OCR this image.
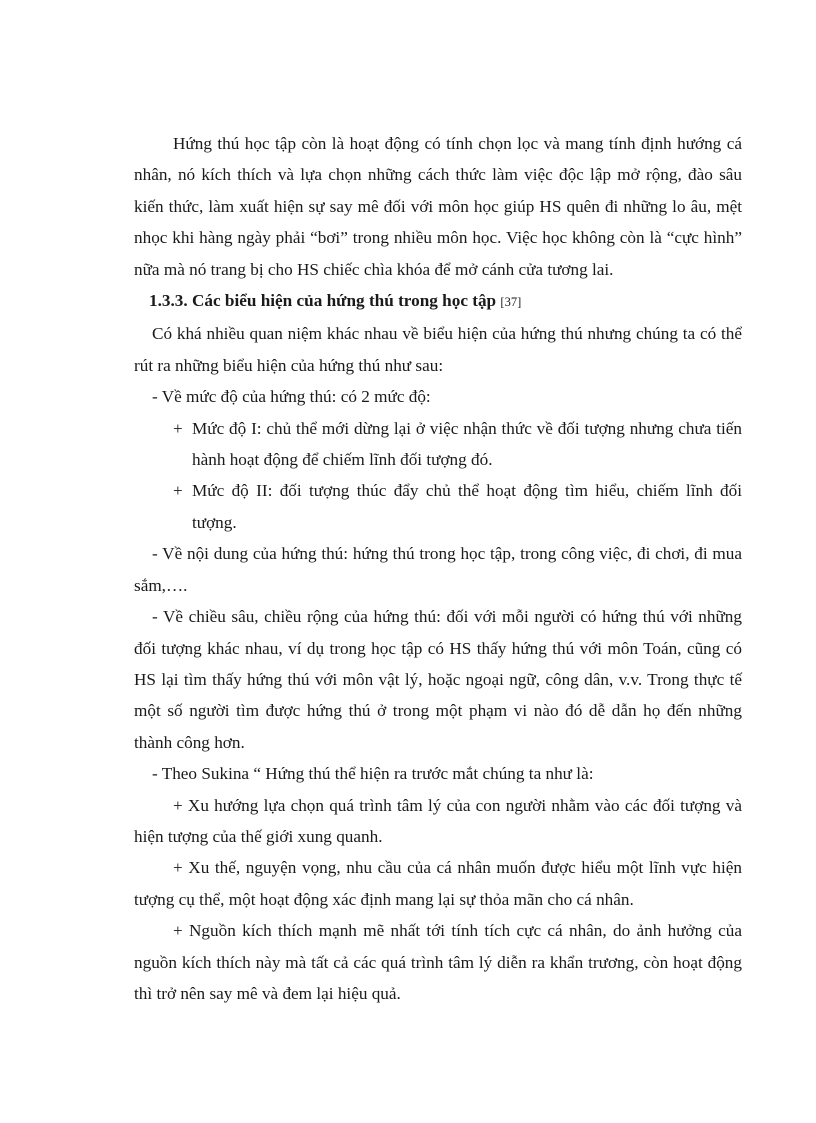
Hứng thú học tập còn là hoạt động có tính chọn lọc và mang tính định hướng cá nhân, nó kích thích và lựa chọn những cách thức làm việc độc lập mở rộng, đào sâu kiến thức, làm xuất hiện sự say mê đối với môn học giúp HS quên đi những lo âu, mệt nhọc khi hàng ngày phải “bơi” trong nhiều môn học. Việc học không còn là “cực hình” nữa mà nó trang bị cho HS chiếc chìa khóa để mở cánh cửa tương lai.

1.3.3. Các biểu hiện của hứng thú trong học tập [37]

Có khá nhiều quan niệm khác nhau về biểu hiện của hứng thú nhưng chúng ta có thể rút ra những biểu hiện của hứng thú như sau:

- Về mức độ của hứng thú: có 2 mức độ:

+ Mức độ I: chủ thể mới dừng lại ở việc nhận thức về đối tượng nhưng chưa tiến hành hoạt động để chiếm lĩnh đối tượng đó.

+ Mức độ II: đối tượng thúc đẩy chủ thể hoạt động tìm hiểu, chiếm lĩnh đối tượng.

- Về nội dung của hứng thú: hứng thú trong học tập, trong công việc, đi chơi, đi mua sắm,….

- Về chiều sâu, chiều rộng của hứng thú: đối với mỗi người có hứng thú với những đối tượng khác nhau, ví dụ trong học tập có HS thấy hứng thú với môn Toán, cũng có HS lại tìm thấy hứng thú với môn vật lý, hoặc ngoại ngữ, công dân, v.v. Trong thực tế một số người tìm được hứng thú ở trong một phạm vi nào đó dễ dẫn họ đến những thành công hơn.

- Theo Sukina “ Hứng thú thể hiện ra trước mắt chúng ta như là:

+ Xu hướng lựa chọn quá trình tâm lý của con người nhằm vào các đối tượng và hiện tượng của thế giới xung quanh.

+ Xu thế, nguyện vọng, nhu cầu của cá nhân muốn được hiểu một lĩnh vực hiện tượng cụ thể, một hoạt động xác định mang lại sự thỏa mãn cho cá nhân.

+ Nguồn kích thích mạnh mẽ nhất tới tính tích cực cá nhân, do ảnh hưởng của nguồn kích thích này mà tất cả các quá trình tâm lý diễn ra khẩn trương, còn hoạt động thì trở nên say mê và đem lại hiệu quả.
